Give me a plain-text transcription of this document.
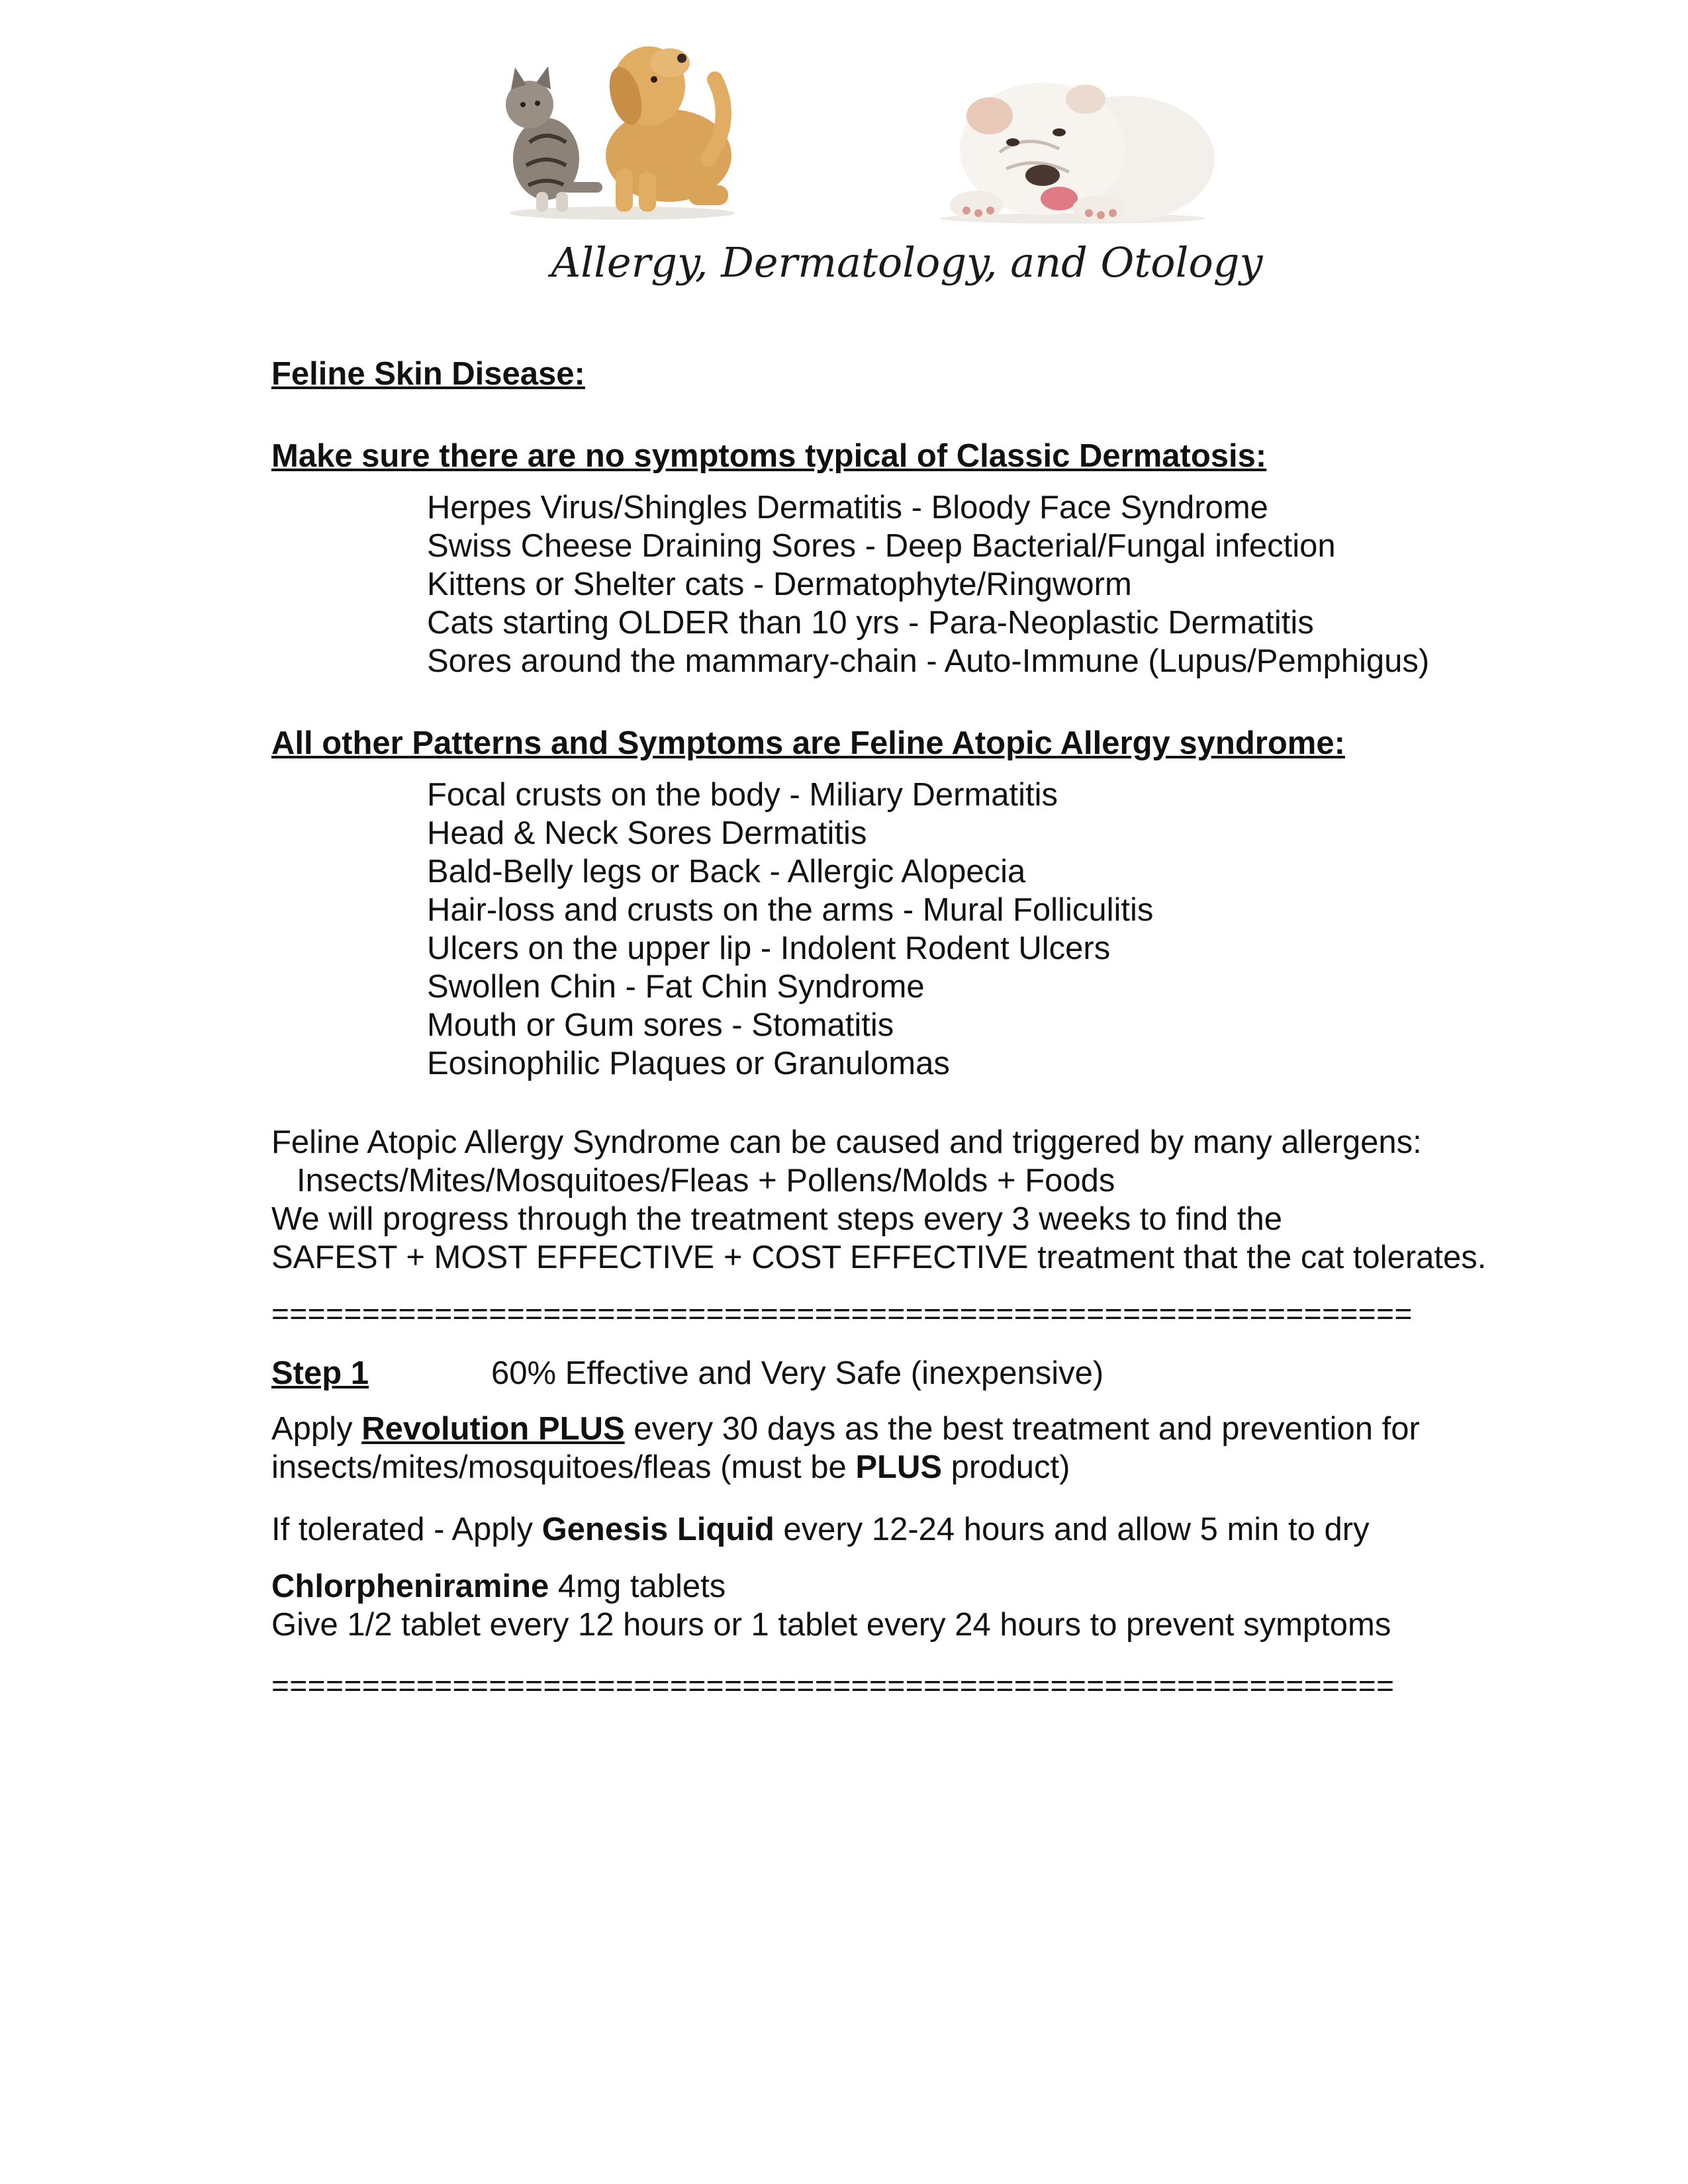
Allergy, Dermatology, and Otology
Feline Skin Disease:
Make sure there are no symptoms typical of Classic Dermatosis:
Herpes Virus/Shingles Dermatitis - Bloody Face Syndrome
Swiss Cheese Draining Sores - Deep Bacterial/Fungal infection
Kittens or Shelter cats - Dermatophyte/Ringworm
Cats starting OLDER than 10 yrs - Para-Neoplastic Dermatitis
Sores around the mammary-chain - Auto-Immune (Lupus/Pemphigus)
All other Patterns and Symptoms are Feline Atopic Allergy syndrome:
Focal crusts on the body - Miliary Dermatitis
Head & Neck Sores Dermatitis
Bald-Belly legs or Back - Allergic Alopecia
Hair-loss and crusts on the arms - Mural Folliculitis
Ulcers on the upper lip - Indolent Rodent Ulcers
Swollen Chin - Fat Chin Syndrome
Mouth or Gum sores - Stomatitis
Eosinophilic Plaques or Granulomas
Feline Atopic Allergy Syndrome can be caused and triggered by many allergens:
Insects/Mites/Mosquitoes/Fleas + Pollens/Molds + Foods
We will progress through the treatment steps every 3 weeks to find the
SAFEST + MOST EFFECTIVE + COST EFFECTIVE treatment that the cat tolerates.
===============================================================
Step 1	60% Effective and Very Safe (inexpensive)
Apply Revolution PLUS every 30 days as the best treatment and prevention for
insects/mites/mosquitoes/fleas (must be PLUS product)
If tolerated - Apply Genesis Liquid every 12-24 hours and allow 5 min to dry
Chlorpheniramine 4mg tablets
Give 1/2 tablet every 12 hours or 1 tablet every 24 hours to prevent symptoms
==============================================================
